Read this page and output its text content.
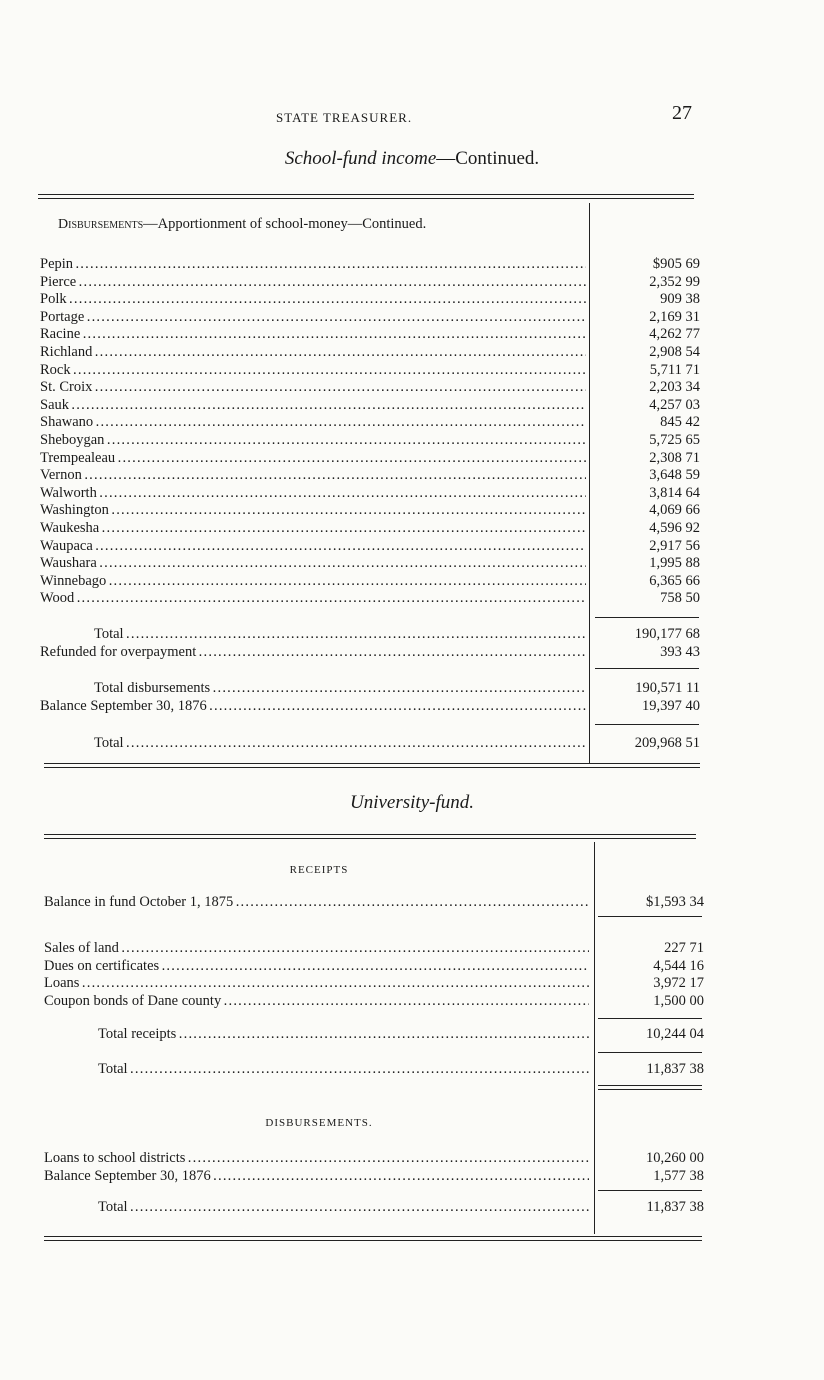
STATE TREASURER.	27
School-fund income—Continued.
Disbursements—Apportionment of school-money—Continued.
Pepin . . .	$905 69
Pierce . . .	2,352 99
Polk . . .	909 38
Portage . . .	2,169 31
Racine . . .	4,262 77
Richland . . .	2,908 54
Rock . . .	5,711 71
St. Croix . . .	2,203 34
Sauk . . .	4,257 03
Shawano . . .	845 42
Sheboygan . . .	5,725 65
Trempealeau . . .	2,308 71
Vernon . . .	3,648 59
Walworth . . .	3,814 64
Washington . . .	4,069 66
Waukesha . . .	4,596 92
Waupaca . . .	2,917 56
Waushara . . .	1,995 88
Winnebago . . .	6,365 66
Wood . . .	758 50
Total . . .	190,177 68
Refunded for overpayment . . .	393 43
Total disbursements . . .	190,571 11
Balance September 30, 1876 . . .	19,397 40
Total . . .	209,968 51
University-fund.
RECEIPTS
Balance in fund October 1, 1875 . . .	$1,593 34
Sales of land . . .	227 71
Dues on certificates . . .	4,544 16
Loans . . .	3,972 17
Coupon bonds of Dane county . . .	1,500 00
Total receipts . . .	10,244 04
Total . . .	11,837 38
DISBURSEMENTS.
Loans to school districts . . .	10,260 00
Balance September 30, 1876 . . .	1,577 38
Total . . .	11,837 38
